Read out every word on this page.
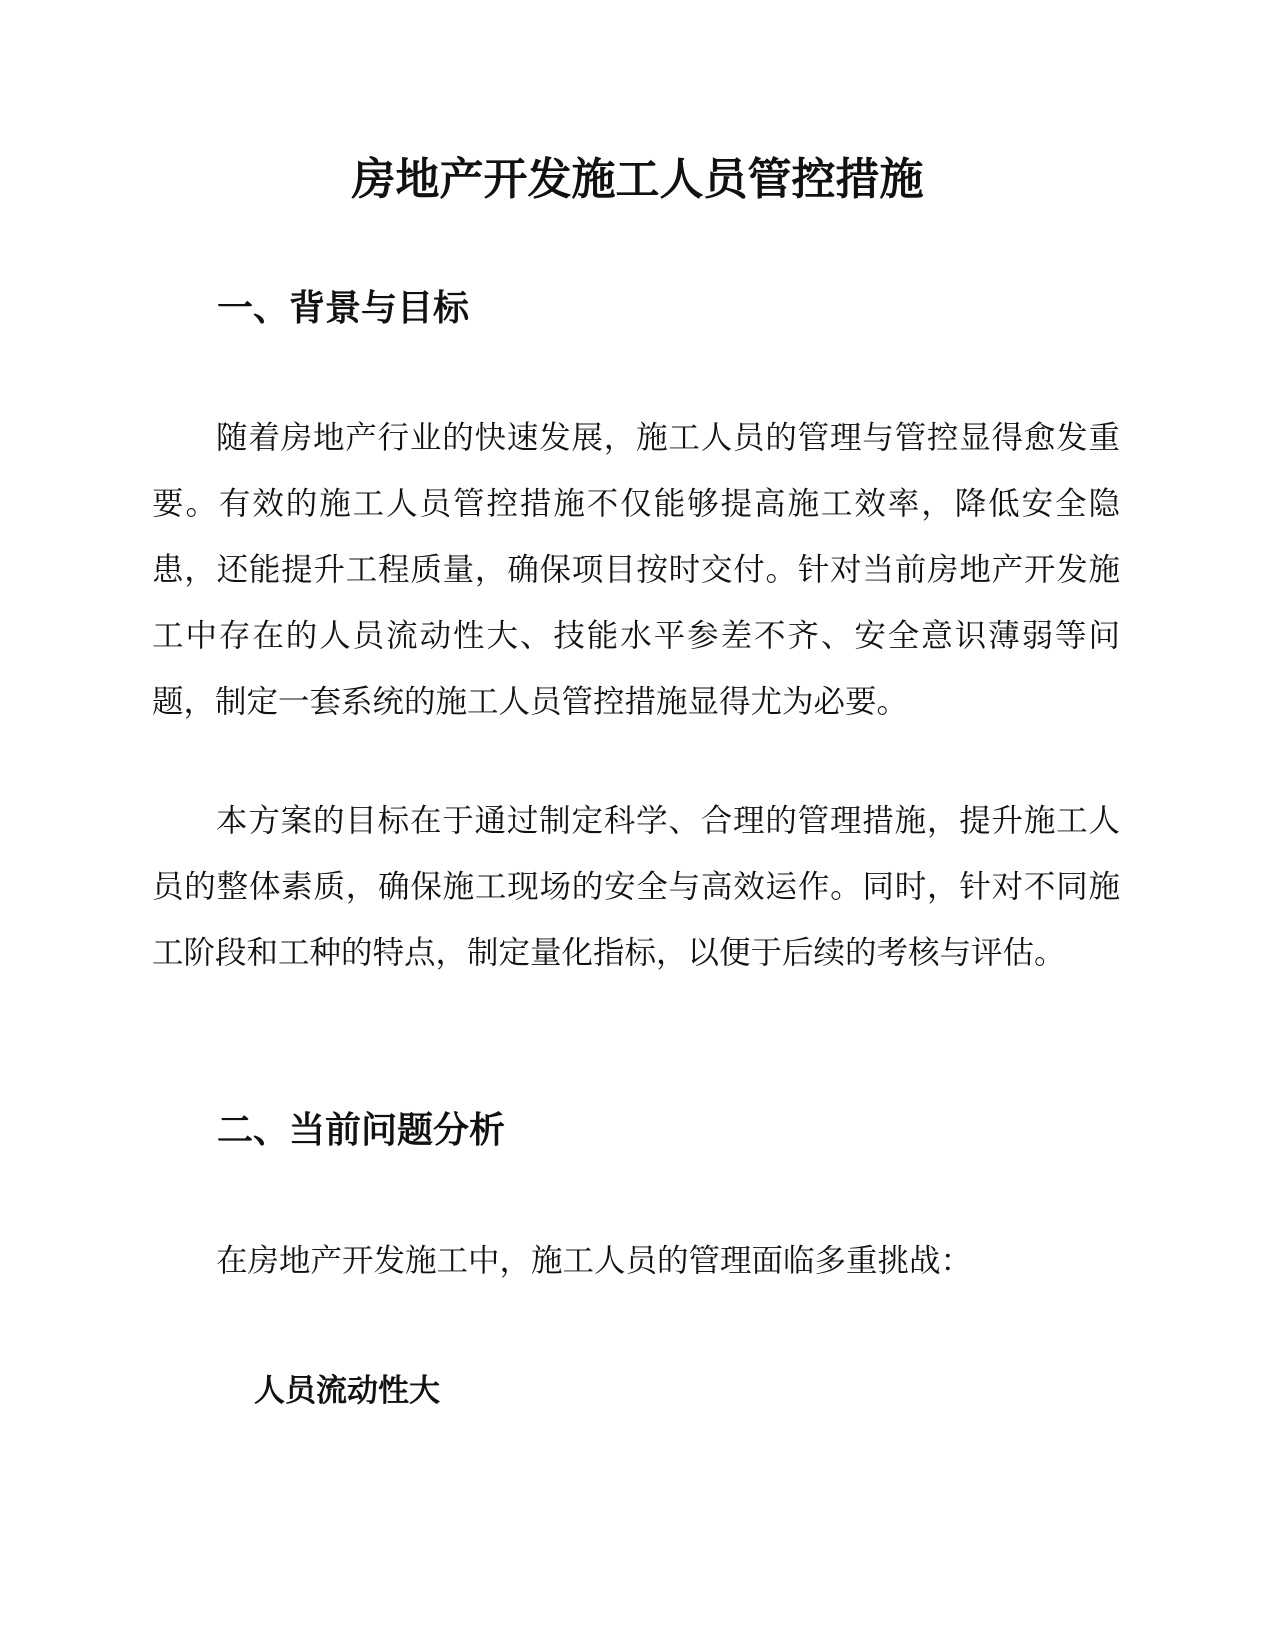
房地产开发施工人员管控措施
一、背景与目标

随着房地产行业的快速发展，施工人员的管理与管控显得愈发重要。有效的施工人员管控措施不仅能够提高施工效率，降低安全隐患，还能提升工程质量，确保项目按时交付。针对当前房地产开发施工中存在的人员流动性大、技能水平参差不齐、安全意识薄弱等问题，制定一套系统的施工人员管控措施显得尤为必要。

本方案的目标在于通过制定科学、合理的管理措施，提升施工人员的整体素质，确保施工现场的安全与高效运作。同时，针对不同施工阶段和工种的特点，制定量化指标，以便于后续的考核与评估。

二、当前问题分析

在房地产开发施工中，施工人员的管理面临多重挑战：

人员流动性大
